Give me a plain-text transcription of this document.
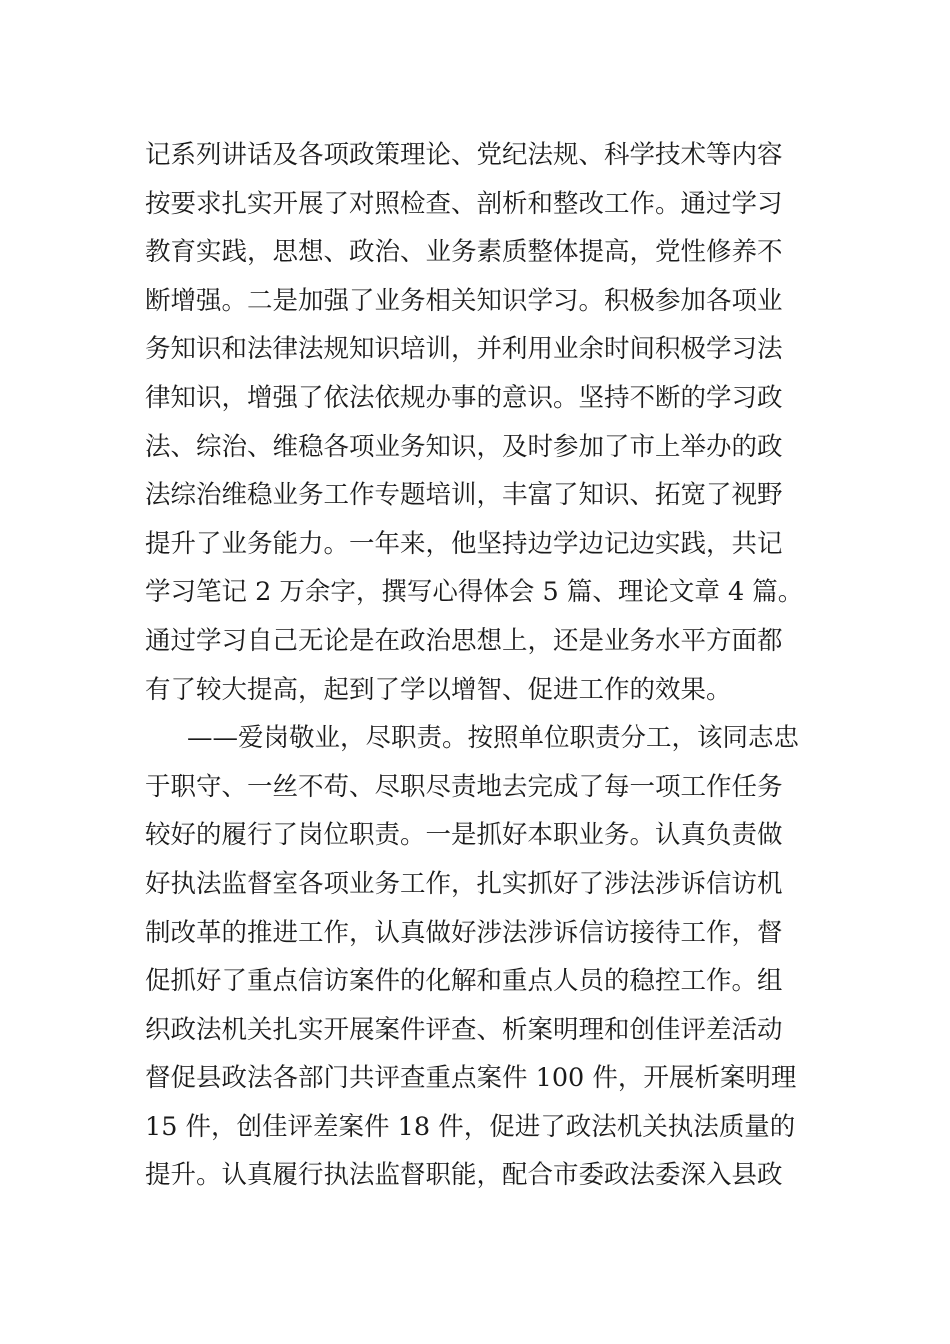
记系列讲话及各项政策理论、党纪法规、科学技术等内容
按要求扎实开展了对照检查、剖析和整改工作。通过学习
教育实践，思想、政治、业务素质整体提高，党性修养不
断增强。二是加强了业务相关知识学习。积极参加各项业
务知识和法律法规知识培训，并利用业余时间积极学习法
律知识，增强了依法依规办事的意识。坚持不断的学习政
法、综治、维稳各项业务知识，及时参加了市上举办的政
法综治维稳业务工作专题培训，丰富了知识、拓宽了视野
提升了业务能力。一年来，他坚持边学边记边实践，共记
学习笔记 2 万余字，撰写心得体会 5 篇、理论文章 4 篇。
通过学习自己无论是在政治思想上，还是业务水平方面都
有了较大提高，起到了学以增智、促进工作的效果。
——爱岗敬业，尽职责。按照单位职责分工，该同志忠
于职守、一丝不苟、尽职尽责地去完成了每一项工作任务
较好的履行了岗位职责。一是抓好本职业务。认真负责做
好执法监督室各项业务工作，扎实抓好了涉法涉诉信访机
制改革的推进工作，认真做好涉法涉诉信访接待工作，督
促抓好了重点信访案件的化解和重点人员的稳控工作。组
织政法机关扎实开展案件评查、析案明理和创佳评差活动
督促县政法各部门共评查重点案件 100 件，开展析案明理
15 件，创佳评差案件 18 件，促进了政法机关执法质量的
提升。认真履行执法监督职能，配合市委政法委深入县政
